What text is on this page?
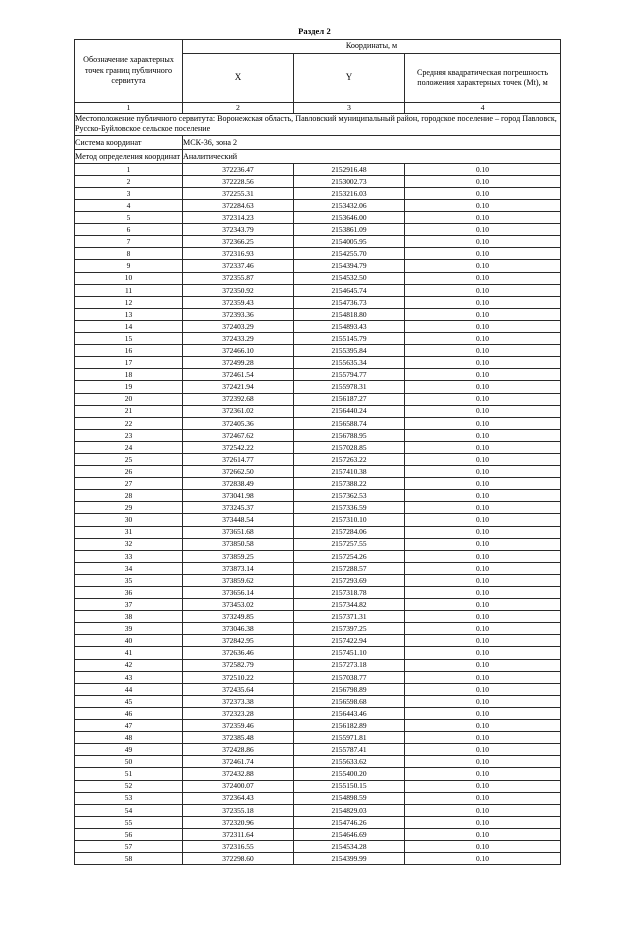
Раздел 2
Местоположение публичного сервитута: Воронежская область, Павловский муниципальный район, городское поселение – город Павловск, Русско-Буйловское сельское поселение			
Система координат	МСК-36, зона 2		
Метод определения координат	Аналитический		
Обозначение характерных точек границ публичного сервитута	Координаты, м		
	X	Y	Средняя квадратическая погрешность положения характерных точек (Мt), м
1	2	3	4
1	372236.47	2152916.48	0.10
2	372228.56	2153002.73	0.10
3	372255.31	2153216.03	0.10
4	372284.63	2153432.06	0.10
5	372314.23	2153646.00	0.10
6	372343.79	2153861.09	0.10
7	372366.25	2154005.95	0.10
8	372316.93	2154255.70	0.10
9	372337.46	2154394.79	0.10
10	372355.87	2154532.50	0.10
11	372350.92	2154645.74	0.10
12	372359.43	2154736.73	0.10
13	372393.36	2154818.80	0.10
14	372403.29	2154893.43	0.10
15	372433.29	2155145.79	0.10
16	372466.10	2155395.84	0.10
17	372499.28	2155635.34	0.10
18	372461.54	2155794.77	0.10
19	372421.94	2155978.31	0.10
20	372392.68	2156187.27	0.10
21	372361.02	2156440.24	0.10
22	372405.36	2156588.74	0.10
23	372467.62	2156788.95	0.10
24	372542.22	2157028.85	0.10
25	372614.77	2157263.22	0.10
26	372662.50	2157410.38	0.10
27	372838.49	2157388.22	0.10
28	373041.98	2157362.53	0.10
29	373245.37	2157336.59	0.10
30	373448.54	2157310.10	0.10
31	373651.68	2157284.06	0.10
32	373850.58	2157257.55	0.10
33	373859.25	2157254.26	0.10
34	373873.14	2157288.57	0.10
35	373859.62	2157293.69	0.10
36	373656.14	2157318.78	0.10
37	373453.02	2157344.82	0.10
38	373249.85	2157371.31	0.10
39	373046.38	2157397.25	0.10
40	372842.95	2157422.94	0.10
41	372636.46	2157451.10	0.10
42	372582.79	2157273.18	0.10
43	372510.22	2157038.77	0.10
44	372435.64	2156798.89	0.10
45	372373.38	2156598.68	0.10
46	372323.28	2156443.46	0.10
47	372359.46	2156182.89	0.10
48	372385.48	2155971.81	0.10
49	372428.86	2155787.41	0.10
50	372461.74	2155633.62	0.10
51	372432.88	2155400.20	0.10
52	372400.07	2155150.15	0.10
53	372364.43	2154898.59	0.10
54	372355.18	2154829.03	0.10
55	372320.96	2154746.26	0.10
56	372311.64	2154646.69	0.10
57	372316.55	2154534.28	0.10
58	372298.60	2154399.99	0.10
